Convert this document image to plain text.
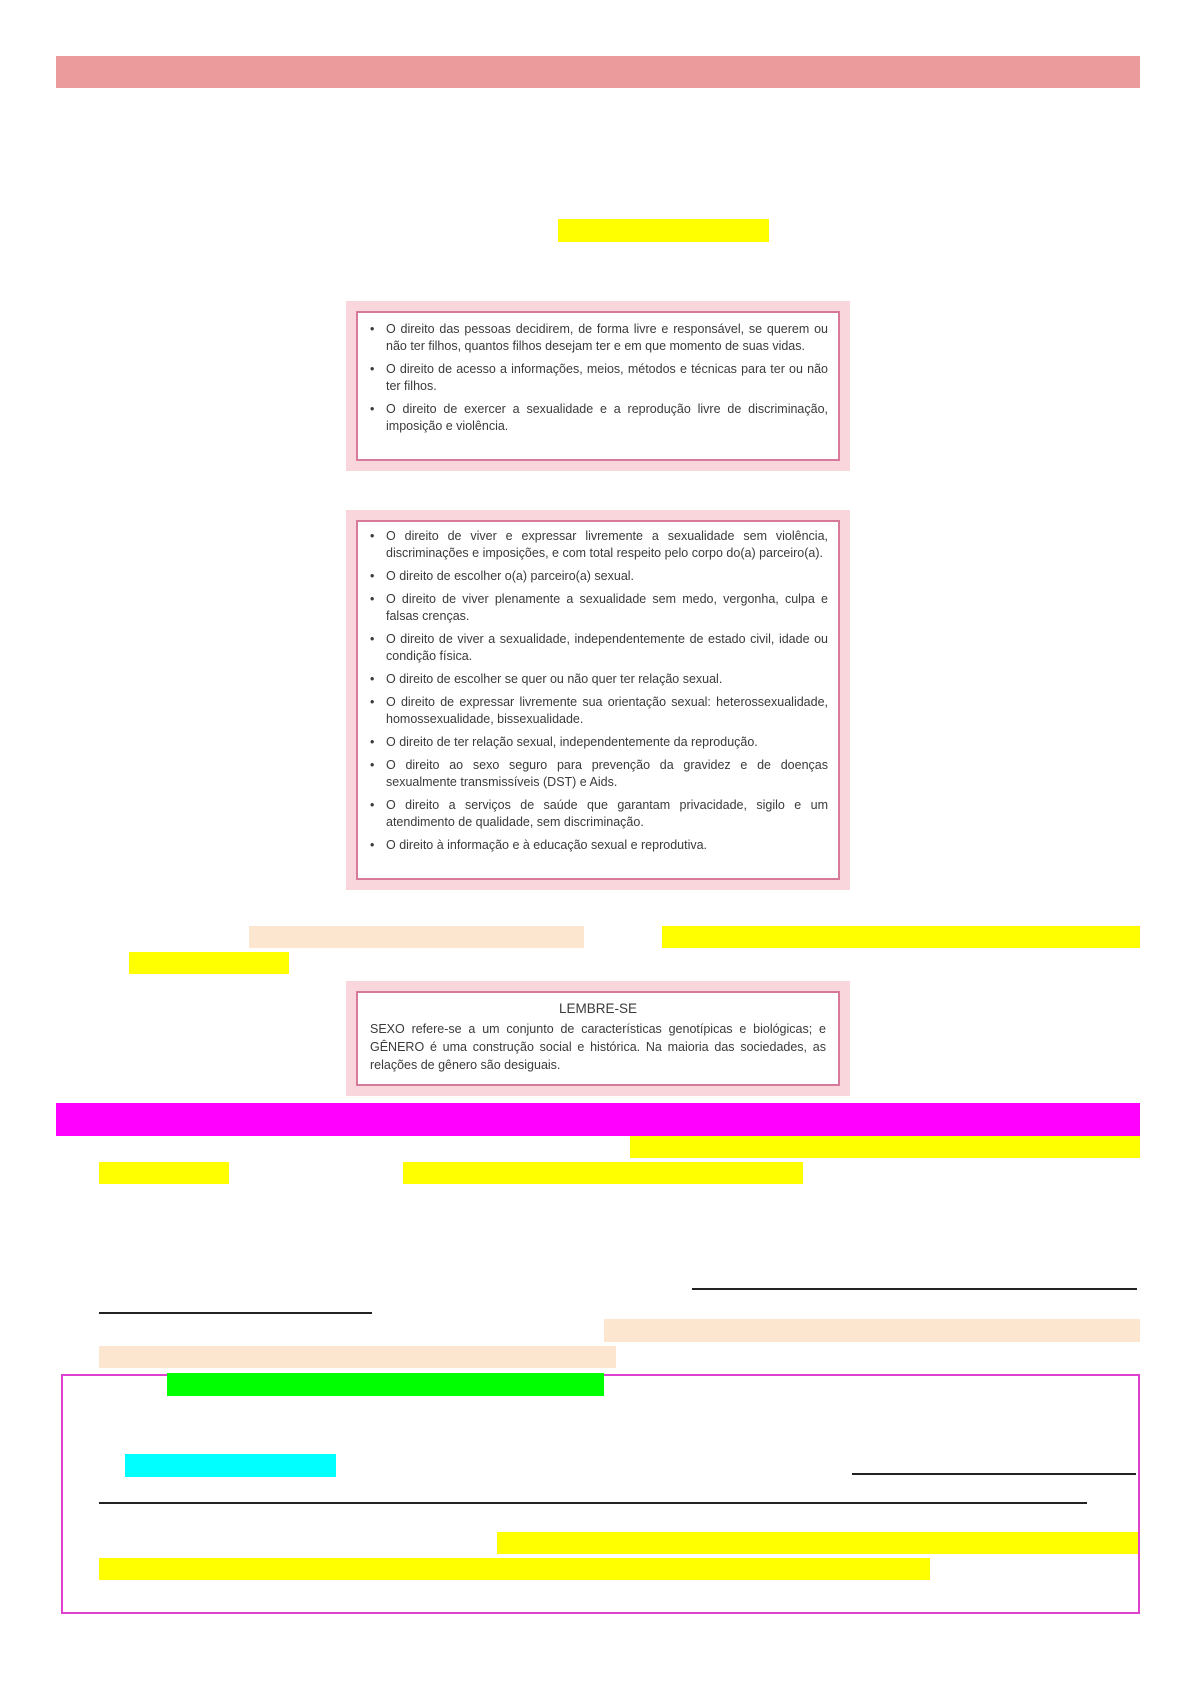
• O direito das pessoas decidirem, de forma livre e responsável, se querem ou não ter filhos, quantos filhos desejam ter e em que momento de suas vidas.
• O direito de acesso a informações, meios, métodos e técnicas para ter ou não ter filhos.
• O direito de exercer a sexualidade e a reprodução livre de discriminação, imposição e violência.
• O direito de viver e expressar livremente a sexualidade sem violência, discriminações e imposições, e com total respeito pelo corpo do(a) parceiro(a).
• O direito de escolher o(a) parceiro(a) sexual.
• O direito de viver plenamente a sexualidade sem medo, vergonha, culpa e falsas crenças.
• O direito de viver a sexualidade, independentemente de estado civil, idade ou condição física.
• O direito de escolher se quer ou não quer ter relação sexual.
• O direito de expressar livremente sua orientação sexual: heterossexualidade, homossexualidade, bissexualidade.
• O direito de ter relação sexual, independentemente da reprodução.
• O direito ao sexo seguro para prevenção da gravidez e de doenças sexualmente transmissíveis (DST) e Aids.
• O direito a serviços de saúde que garantam privacidade, sigilo e um atendimento de qualidade, sem discriminação.
• O direito à informação e à educação sexual e reprodutiva.

LEMBRE-SE

SEXO refere-se a um conjunto de características genotípicas e biológicas; e GÊNERO é uma construção social e histórica. Na maioria das sociedades, as relações de gênero são desiguais.
